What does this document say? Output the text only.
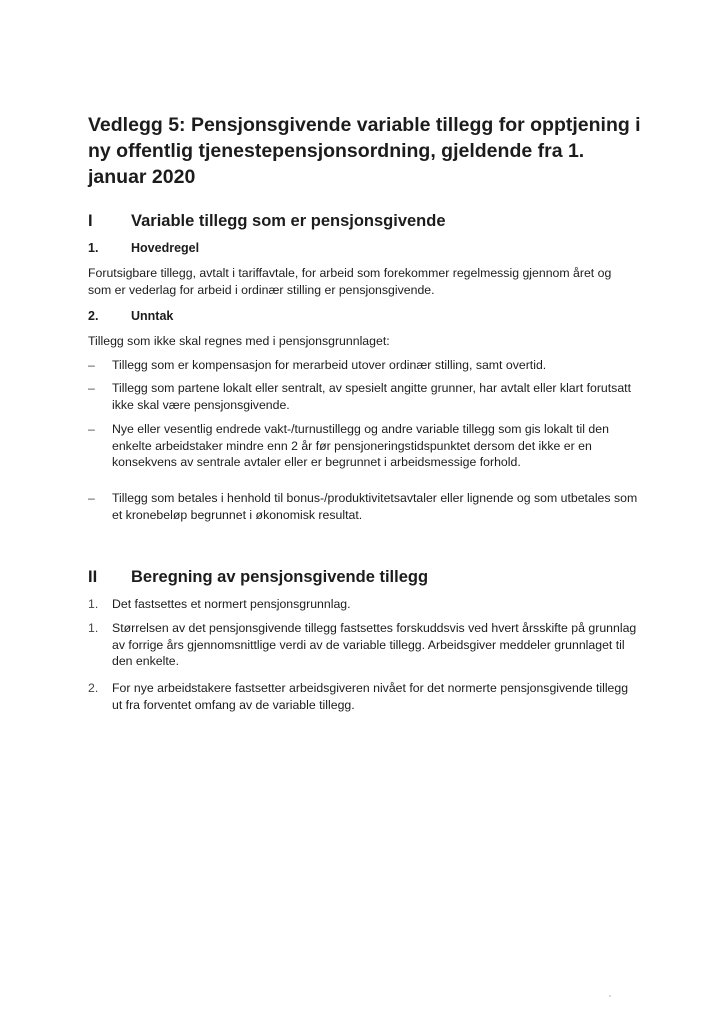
Vedlegg 5: Pensjonsgivende variable tillegg for opptjening i ny offentlig tjenestepensjonsordning, gjeldende fra 1. januar 2020
I	Variable tillegg som er pensjonsgivende
1.	Hovedregel

Forutsigbare tillegg, avtalt i tariffavtale, for arbeid som forekommer regelmessig gjennom året og som er vederlag for arbeid i ordinær stilling er pensjonsgivende.

2.	Unntak

Tillegg som ikke skal regnes med i pensjonsgrunnlaget:

–	Tillegg som er kompensasjon for merarbeid utover ordinær stilling, samt overtid.
–	Tillegg som partene lokalt eller sentralt, av spesielt angitte grunner, har avtalt eller klart forutsatt ikke skal være pensjonsgivende.
–	Nye eller vesentlig endrede vakt-/turnustillegg og andre variable tillegg som gis lokalt til den enkelte arbeidstaker mindre enn 2 år før pensjoneringstidspunktet dersom det ikke er en konsekvens av sentrale avtaler eller er begrunnet i arbeidsmessige forhold.
–	Tillegg som betales i henhold til bonus-/produktivitetsavtaler eller lignende og som utbetales som et kronebeløp begrunnet i økonomisk resultat.
II	Beregning av pensjonsgivende tillegg
1.	Det fastsettes et normert pensjonsgrunnlag.
1.	Størrelsen av det pensjonsgivende tillegg fastsettes forskuddsvis ved hvert årsskifte på grunnlag av forrige års gjennomsnittlige verdi av de variable tillegg. Arbeidsgiver meddeler grunnlaget til den enkelte.
2.	For nye arbeidstakere fastsetter arbeidsgiveren nivået for det normerte pensjonsgivende tillegg ut fra forventet omfang av de variable tillegg.
